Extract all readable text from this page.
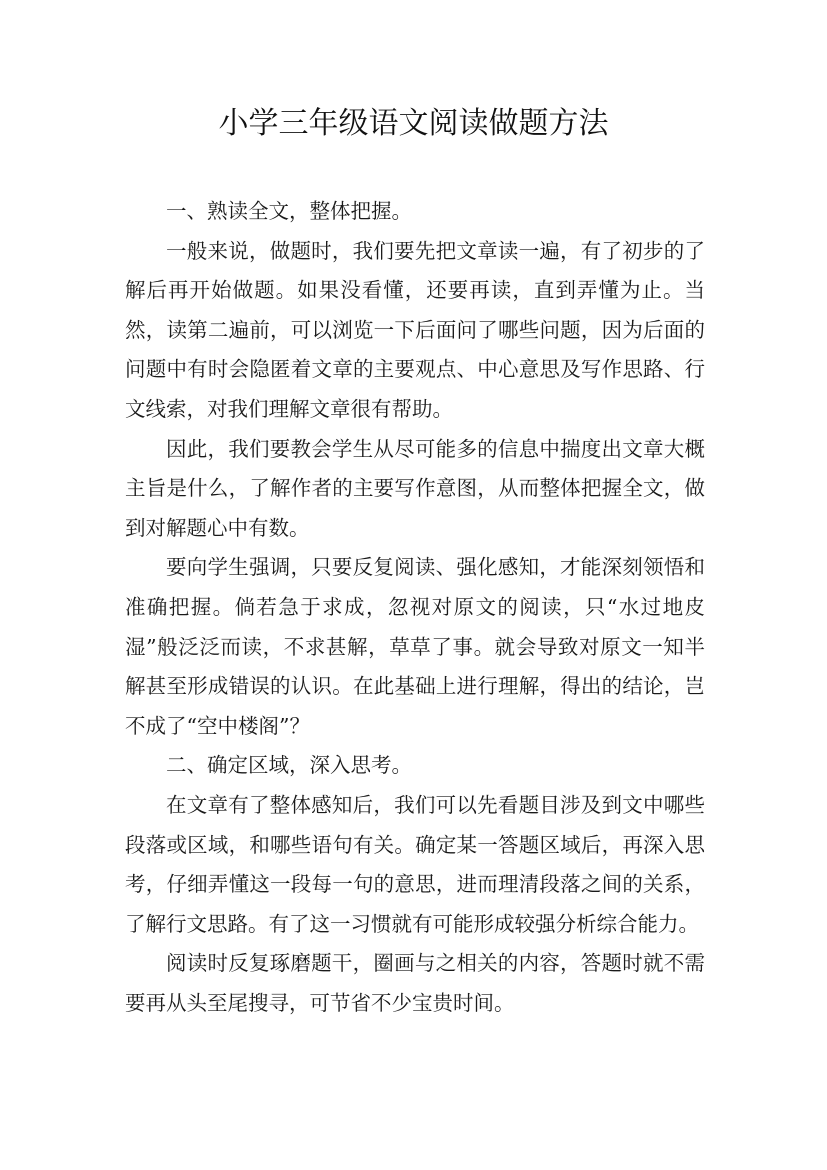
小学三年级语文阅读做题方法

一、熟读全文，整体把握。

一般来说，做题时，我们要先把文章读一遍，有了初步的了解后再开始做题。如果没看懂，还要再读，直到弄懂为止。当然，读第二遍前，可以浏览一下后面问了哪些问题，因为后面的问题中有时会隐匿着文章的主要观点、中心意思及写作思路、行文线索，对我们理解文章很有帮助。

因此，我们要教会学生从尽可能多的信息中揣度出文章大概主旨是什么，了解作者的主要写作意图，从而整体把握全文，做到对解题心中有数。

要向学生强调，只要反复阅读、强化感知，才能深刻领悟和准确把握。倘若急于求成，忽视对原文的阅读，只“水过地皮湿”般泛泛而读，不求甚解，草草了事。就会导致对原文一知半解甚至形成错误的认识。在此基础上进行理解，得出的结论，岂不成了“空中楼阁”？

二、确定区域，深入思考。

在文章有了整体感知后，我们可以先看题目涉及到文中哪些段落或区域，和哪些语句有关。确定某一答题区域后，再深入思考，仔细弄懂这一段每一句的意思，进而理清段落之间的关系，了解行文思路。有了这一习惯就有可能形成较强分析综合能力。

阅读时反复琢磨题干，圈画与之相关的内容，答题时就不需要再从头至尾搜寻，可节省不少宝贵时间。
